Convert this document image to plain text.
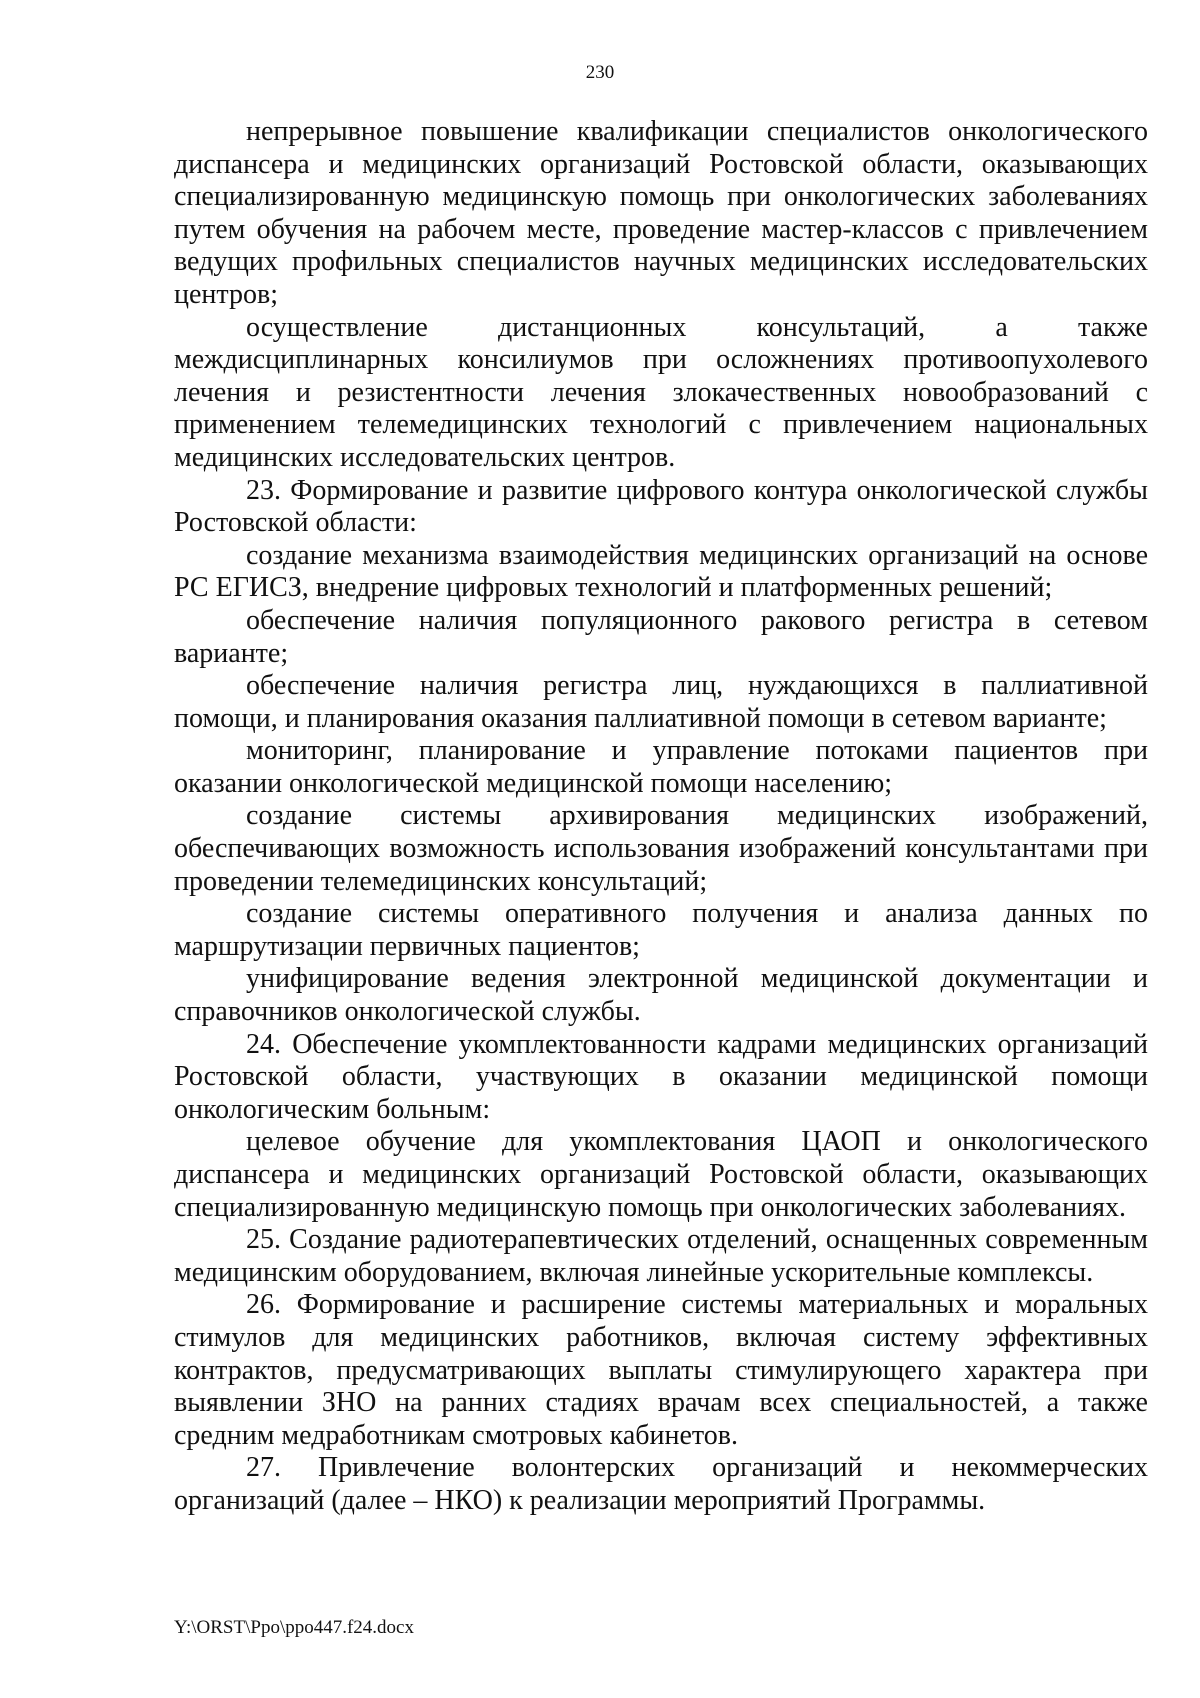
230

непрерывное повышение квалификации специалистов онкологического диспансера и медицинских организаций Ростовской области, оказывающих специализированную медицинскую помощь при онкологических заболеваниях путем обучения на рабочем месте, проведение мастер-классов с привлечением ведущих профильных специалистов научных медицинских исследовательских центров;

осуществление дистанционных консультаций, а также междисциплинарных консилиумов при осложнениях противоопухолевого лечения и резистентности лечения злокачественных новообразований с применением телемедицинских технологий с привлечением национальных медицинских исследовательских центров.

23. Формирование и развитие цифрового контура онкологической службы Ростовской области:

создание механизма взаимодействия медицинских организаций на основе РС ЕГИСЗ, внедрение цифровых технологий и платформенных решений;

обеспечение наличия популяционного ракового регистра в сетевом варианте;

обеспечение наличия регистра лиц, нуждающихся в паллиативной помощи, и планирования оказания паллиативной помощи в сетевом варианте;

мониторинг, планирование и управление потоками пациентов при оказании онкологической медицинской помощи населению;

создание системы архивирования медицинских изображений, обеспечивающих возможность использования изображений консультантами при проведении телемедицинских консультаций;

создание системы оперативного получения и анализа данных по маршрутизации первичных пациентов;

унифицирование ведения электронной медицинской документации и справочников онкологической службы.

24. Обеспечение укомплектованности кадрами медицинских организаций Ростовской области, участвующих в оказании медицинской помощи онкологическим больным:

целевое обучение для укомплектования ЦАОП и онкологического диспансера и медицинских организаций Ростовской области, оказывающих специализированную медицинскую помощь при онкологических заболеваниях.

25. Создание радиотерапевтических отделений, оснащенных современным медицинским оборудованием, включая линейные ускорительные комплексы.

26. Формирование и расширение системы материальных и моральных стимулов для медицинских работников, включая систему эффективных контрактов, предусматривающих выплаты стимулирующего характера при выявлении ЗНО на ранних стадиях врачам всех специальностей, а также средним медработникам смотровых кабинетов.

27. Привлечение волонтерских организаций и некоммерческих организаций (далее – НКО) к реализации мероприятий Программы.

Y:\ORST\Ppo\ppo447.f24.docx
